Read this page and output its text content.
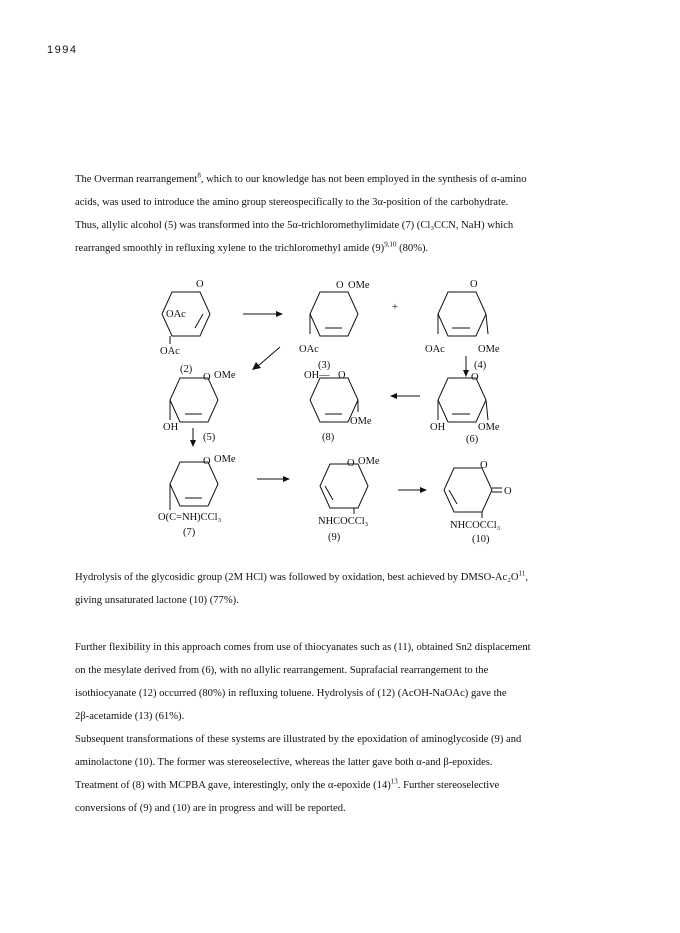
1994

The Overman rearrangement$^8$, which to our knowledge has not been employed in the synthesis of α-amino

acids, was used to introduce the amino group stereospecifically to the 3α-position of the carbohydrate.

Thus, allylic alcohol (5) was transformed into the 5α-trichloromethylimidate (7) (Cl₃CCN, NaH) which

rearranged smoothly in refluxing xylene to the trichloromethyl amide $(9)^{9,10}$ (80%).

O
OAc
OAc
(2)
O OMe
OAc
(3)
+
O
OAc	OMe
(4)
O OMe
OH
(5)
O
OH—
OMe
(8)
O
OH	OMe
(6)
O OMe
O(C=NH)CCl₃
(7)
O OMe
NHCOCCl₃
(9)
O
O
NHCOCCl₃
(10)

Hydrolysis of the glycosidic group (2M HCl) was followed by oxidation, best achieved by DMSO-$Ac_2O^{11}$,

giving unsaturated lactone (10) (77%).

Further flexibility in this approach comes from use of thiocyanates such as (11), obtained Sn2 displacement

on the mesylate derived from (6), with no allylic rearrangement. Suprafacial rearrangement to the

isothiocyanate (12) occurred (80%) in refluxing toluene. Hydrolysis of (12) (AcOH-NaOAc) gave the

2β-acetamide (13) (61%).

Subsequent transformations of these systems are illustrated by the epoxidation of aminoglycoside (9) and

aminolactone (10). The former was stereoselective, whereas the latter gave both α-and β-epoxides.

Treatment of (8) with MCPBA gave, interestingly, only the α-epoxide $(14)^{13}$. Further stereoselective

conversions of (9) and (10) are in progress and will be reported.
